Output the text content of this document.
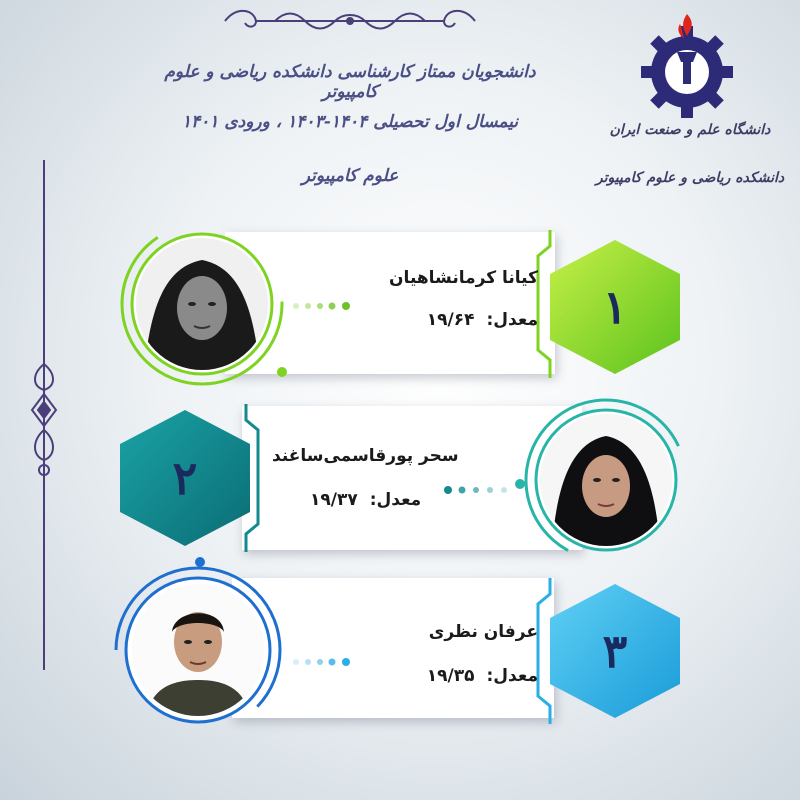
دانشجویان ممتاز کارشناسی دانشکده ریاضی و علوم کامپیوتر
نیمسال اول تحصیلی ۱۴۰۴-۱۴۰۳ ، ورودی ۱۴۰۱
علوم کامپیوتر
دانشگاه علم و صنعت ایران
دانشکده ریاضی و علوم کامپیوتر
۱
کیانا کرمانشاهیان
معدل:۱۹/۶۴
۲	سحر پورقاسمی‌ساغند
معدل:۱۹/۳۷
۳
عرفان نظری
معدل:۱۹/۳۵
